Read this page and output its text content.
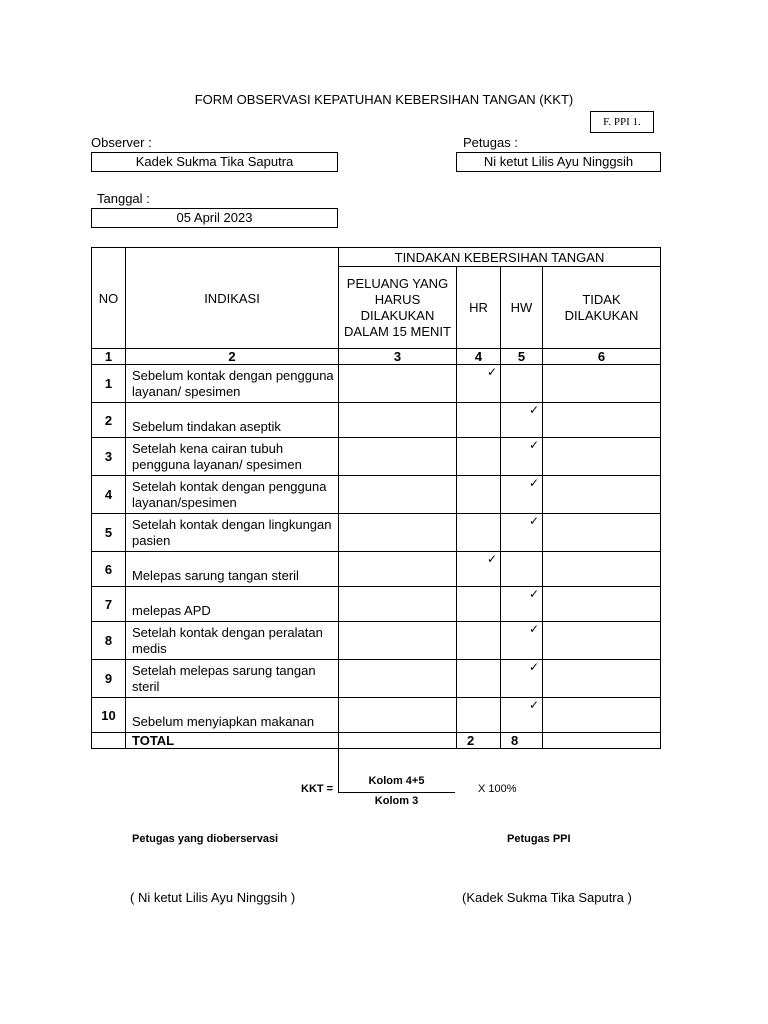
FORM OBSERVASI KEPATUHAN KEBERSIHAN TANGAN (KKT)
F. PPI 1.
Observer :
Kadek Sukma Tika Saputra
Petugas :
Ni ketut Lilis Ayu Ninggsih
Tanggal :
05 April 2023
NO	INDIKASI	TINDAKAN KEBERSIHAN TANGAN			
		PELUANG YANG HARUS DILAKUKAN DALAM 15 MENIT	HR	HW	TIDAK DILAKUKAN
1	2	3	4	5	6
1	Sebelum kontak dengan pengguna layanan/ spesimen		✓		

2	Sebelum tindakan aseptik			✓	

3	Setelah kena cairan tubuh pengguna layanan/ spesimen			✓	

4	Setelah kontak dengan pengguna layanan/spesimen			✓	

5	Setelah kontak dengan lingkungan pasien			✓	

6	Melepas sarung tangan steril		✓		

7	melepas APD			✓	

8	Setelah kontak dengan peralatan medis			✓	

9	Setelah melepas sarung tangan steril			✓	

10	Sebelum menyiapkan makanan			✓	

	TOTAL		2	8	
KKT =
Kolom 4+5
Kolom 3
X 100%
Petugas yang dioberservasi	Petugas PPI
( Ni ketut Lilis Ayu Ninggsih )	(Kadek Sukma Tika Saputra )
